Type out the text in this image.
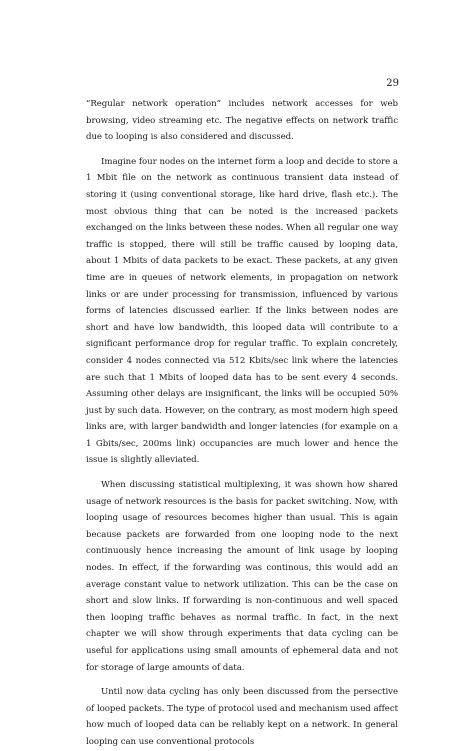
29

“Regular network operation” includes network accesses for web browsing, video streaming etc. The negative effects on network traffic due to looping is also considered and discussed.

Imagine four nodes on the internet form a loop and decide to store a 1 Mbit file on the network as continuous transient data instead of storing it (using conventional storage, like hard drive, flash etc.). The most obvious thing that can be noted is the increased packets exchanged on the links between these nodes. When all regular one way traffic is stopped, there will still be traffic caused by looping data, about 1 Mbits of data packets to be exact. These packets, at any given time are in queues of network elements, in propagation on network links or are under processing for transmission, influenced by various forms of latencies discussed earlier. If the links between nodes are short and have low bandwidth, this looped data will contribute to a significant performance drop for regular traffic. To explain concretely, consider 4 nodes connected via 512 Kbits/sec link where the latencies are such that 1 Mbits of looped data has to be sent every 4 seconds. Assuming other delays are insignificant, the links will be occupied 50% just by such data. However, on the contrary, as most modern high speed links are, with larger bandwidth and longer latencies (for example on a 1 Gbits/sec, 200ms link) occupancies are much lower and hence the issue is slightly alleviated.

When discussing statistical multiplexing, it was shown how shared usage of network resources is the basis for packet switching. Now, with looping usage of resources becomes higher than usual. This is again because packets are forwarded from one looping node to the next continuously hence increasing the amount of link usage by looping nodes. In effect, if the forwarding was continous, this would add an average constant value to network utilization. This can be the case on short and slow links. If forwarding is non-continuous and well spaced then looping traffic behaves as normal traffic. In fact, in the next chapter we will show through experiments that data cycling can be useful for applications using small amounts of ephemeral data and not for storage of large amounts of data.

Until now data cycling has only been discussed from the persective of looped packets. The type of protocol used and mechanism used affect how much of looped data can be reliably kept on a network. In general looping can use conventional protocols
